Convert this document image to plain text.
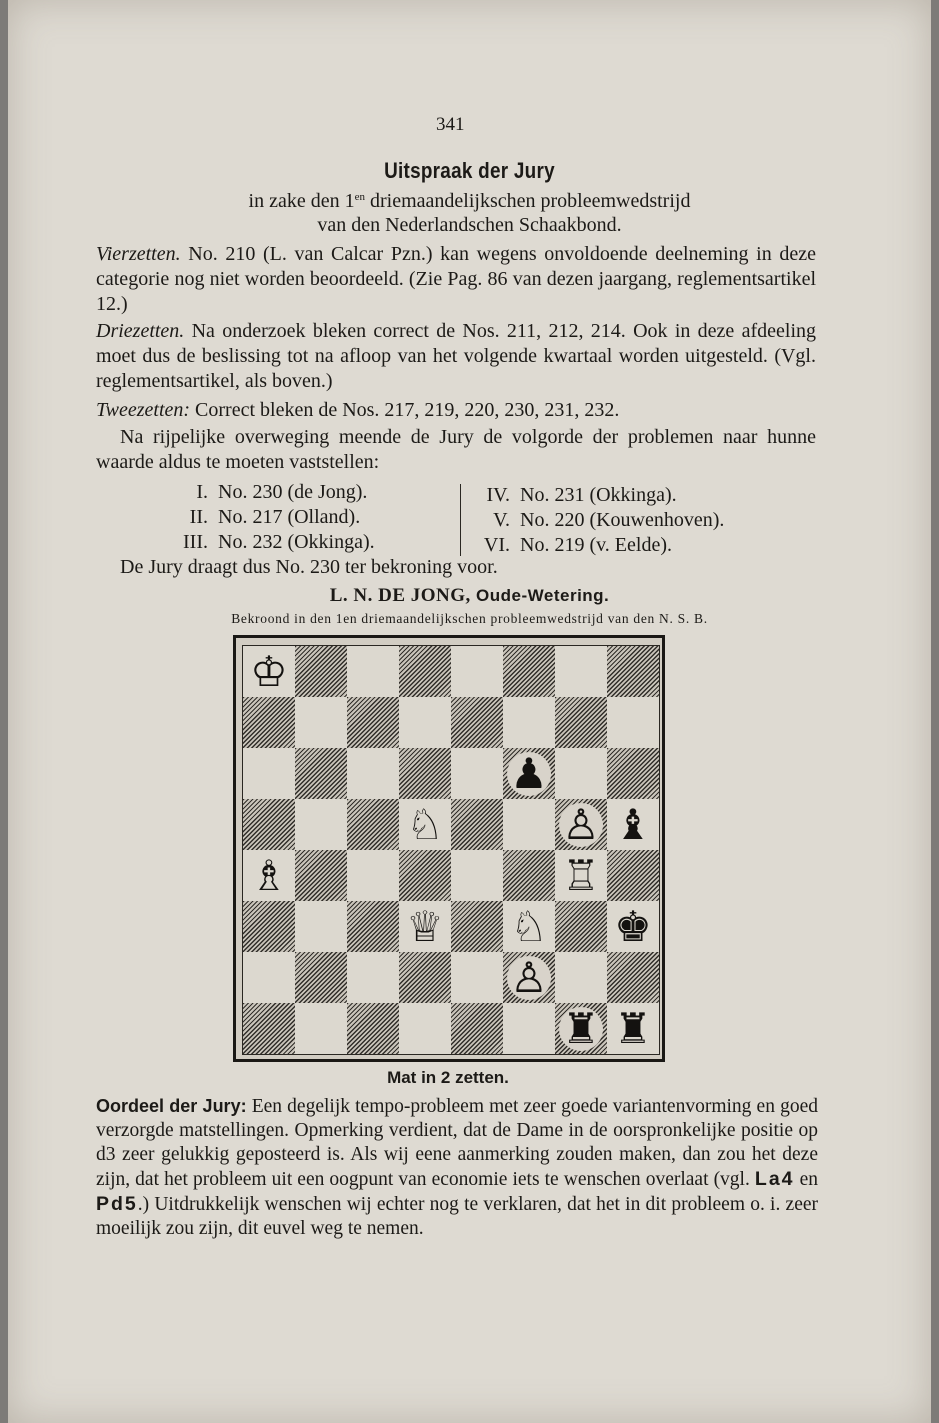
341
Uitspraak der Jury
in zake den $1^{en}$ driemaandelijkschen probleemwedstrijd
van den Nederlandschen Schaakbond.
Vierzetten. No. 210 (L. van Calcar Pzn.) kan wegens onvoldoende deelneming in deze categorie nog niet worden beoordeeld. (Zie Pag. 86 van dezen jaargang, reglementsartikel 12.)
Driezetten. Na onderzoek bleken correct de Nos. 211, 212, 214. Ook in deze afdeeling moet dus de beslissing tot na afloop van het volgende kwartaal worden uitgesteld. (Vgl. reglementsartikel, als boven.)
Tweezetten: Correct bleken de Nos. 217, 219, 220, 230, 231, 232.
Na rijpelijke overweging meende de Jury de volgorde der problemen naar hunne waarde aldus te moeten vaststellen:
I. No. 230 (de Jong).
II. No. 217 (Olland).
III. No. 232 (Okkinga).
IV. No. 231 (Okkinga).
V. No. 220 (Kouwenhoven).
VI. No. 219 (v. Eelde).
De Jury draagt dus No. 230 ter bekroning voor.
L. N. DE JONG, Oude-Wetering.
Bekroond in den 1en driemaandelijkschen probleemwedstrijd van den N. S. B.
♔
♟
♘	♙ ♝
♗	♖
♕ ♘ ♚
♙
♜ ♜
Mat in 2 zetten.
Oordeel der Jury: Een degelijk tempo-probleem met zeer goede variantenvorming en goed verzorgde matstellingen. Opmerking verdient, dat de Dame in de oorspronkelijke positie op d3 zeer gelukkig geposteerd is. Als wij eene aanmerking zouden maken, dan zou het deze zijn, dat het probleem uit een oogpunt van economie iets te wenschen overlaat (vgl. La4 en Pd5.) Uitdrukkelijk wenschen wij echter nog te verklaren, dat het in dit probleem o. i. zeer moeilijk zou zijn, dit euvel weg te nemen.
